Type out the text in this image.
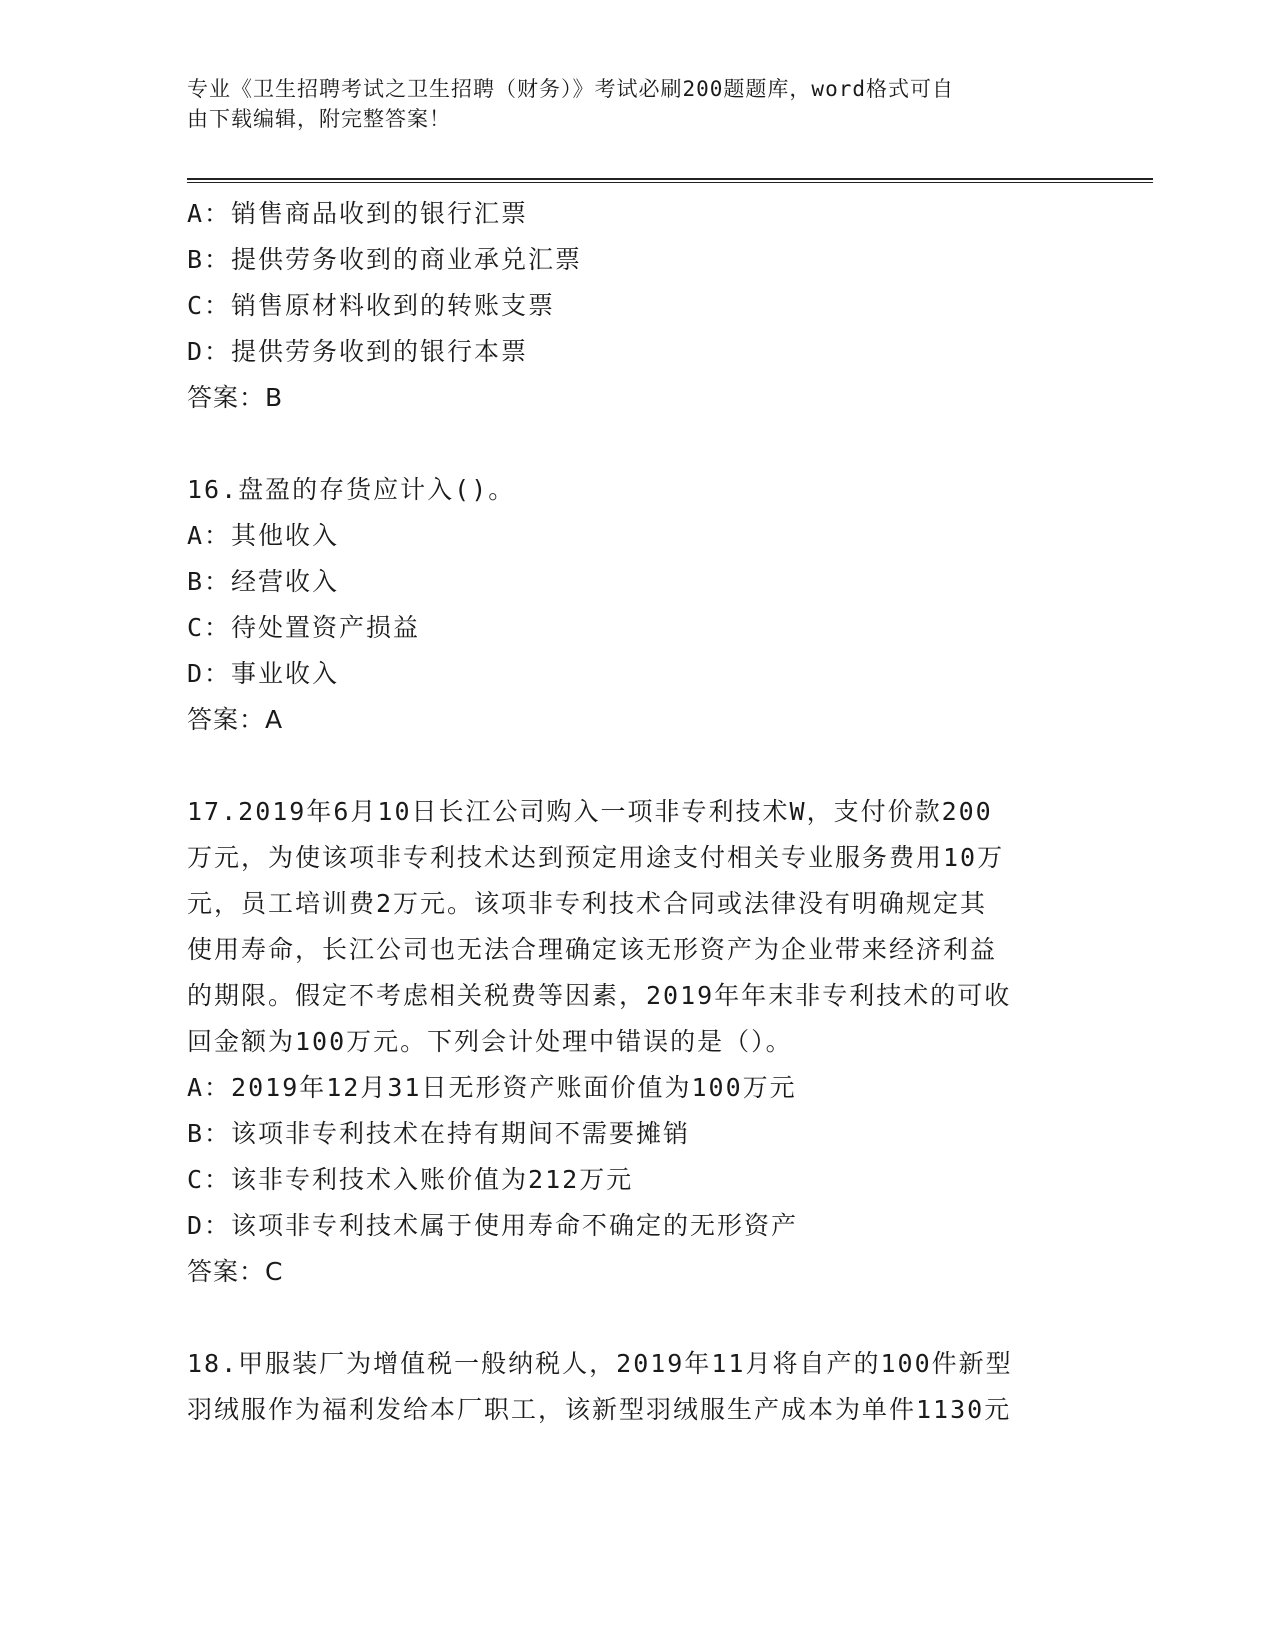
专业《卫生招聘考试之卫生招聘（财务）》考试必刷200题题库，word格式可自
由下载编辑，附完整答案！
A：销售商品收到的银行汇票
B：提供劳务收到的商业承兑汇票
C：销售原材料收到的转账支票
D：提供劳务收到的银行本票
答案：B
16.盘盈的存货应计入()。
A：其他收入
B：经营收入
C：待处置资产损益
D：事业收入
答案：A
17.2019年6月10日长江公司购入一项非专利技术W，支付价款200
万元，为使该项非专利技术达到预定用途支付相关专业服务费用10万
元，员工培训费2万元。该项非专利技术合同或法律没有明确规定其
使用寿命，长江公司也无法合理确定该无形资产为企业带来经济利益
的期限。假定不考虑相关税费等因素，2019年年末非专利技术的可收
回金额为100万元。下列会计处理中错误的是（）。
A：2019年12月31日无形资产账面价值为100万元
B：该项非专利技术在持有期间不需要摊销
C：该非专利技术入账价值为212万元
D：该项非专利技术属于使用寿命不确定的无形资产
答案：C
18.甲服装厂为增值税一般纳税人，2019年11月将自产的100件新型
羽绒服作为福利发给本厂职工，该新型羽绒服生产成本为单件1130元
